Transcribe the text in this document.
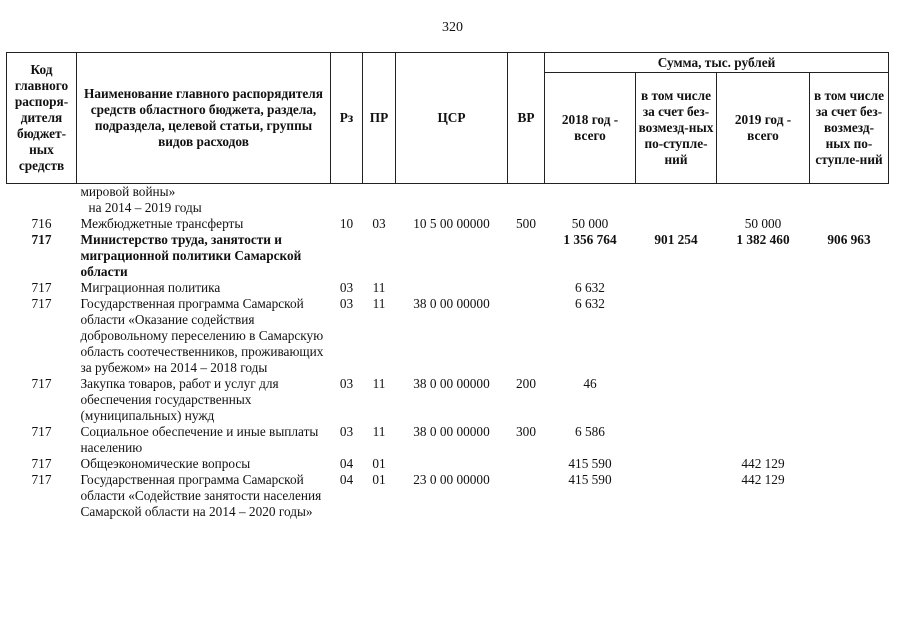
320
Код главного распоря-дителя бюджет-ных средств	Наименование главного распорядителя средств областного бюджета, раздела, подраздела, целевой статьи, группы видов расходов	Рз	ПР	ЦСР	ВР	Сумма, тыс. рублей			
						2018 год - всего	в том числе за счет без-возмезд-ных по-ступле-ний	2019 год - всего	в том числе за счет без-возмезд-ных по-ступле-ний
	мировой войны»								
	на 2014 – 2019 годы								
716	Межбюджетные трансферты	10	03	10 5 00 00000	500	50 000		50 000	
717	Министерство труда, занятости и миграционной политики Самарской области					1 356 764	901 254	1 382 460	906 963
717	Миграционная политика	03	11			6 632			
717	Государственная программа Самарской области «Оказание содействия добровольному переселению в Самарскую область соотечественников, проживающих за рубежом» на 2014 – 2018 годы	03	11	38 0 00 00000		6 632			
717	Закупка товаров, работ и услуг для обеспечения государственных (муниципальных) нужд	03	11	38 0 00 00000	200	46			
717	Социальное обеспечение и иные выплаты населению	03	11	38 0 00 00000	300	6 586			
717	Общеэкономические вопросы	04	01			415 590		442 129	
717	Государственная программа Самарской области «Содействие занятости населения Самарской области на 2014 – 2020 годы»	04	01	23 0 00 00000		415 590		442 129	
